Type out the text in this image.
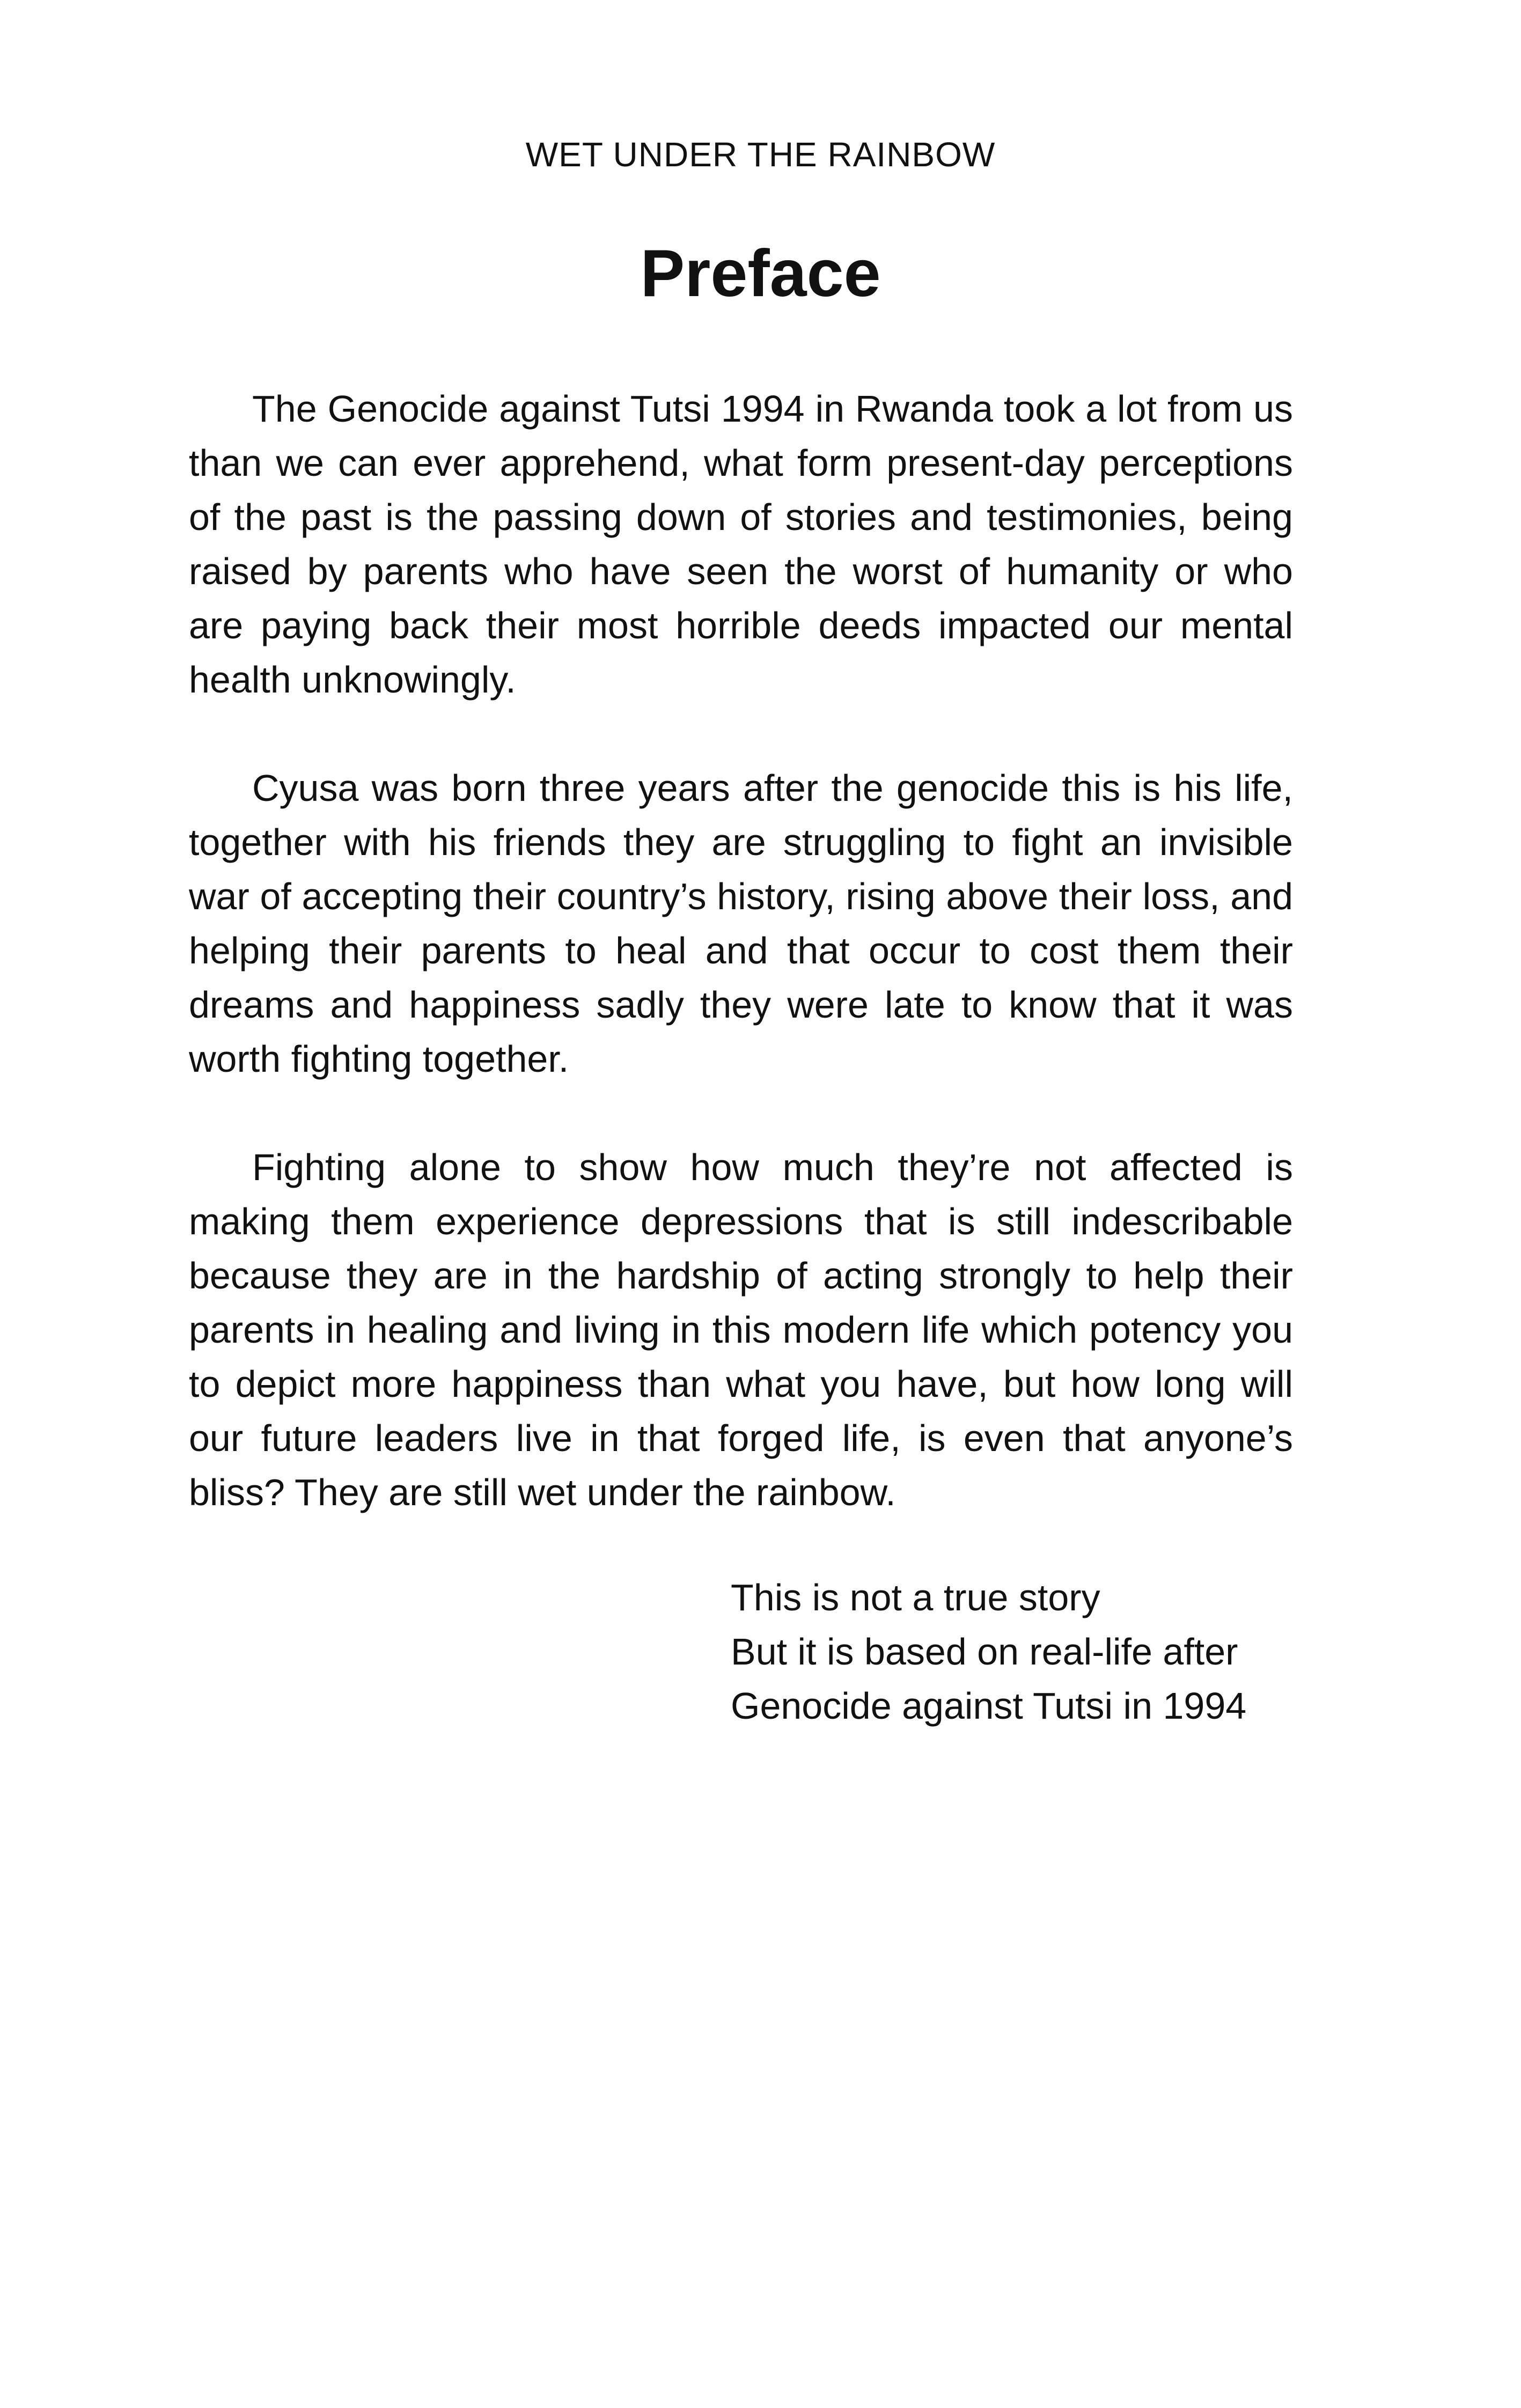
WET UNDER THE RAINBOW
Preface

The Genocide against Tutsi 1994 in Rwanda took a lot from us than we can ever apprehend, what form present-day perceptions of the past is the passing down of stories and testimonies, being raised by parents who have seen the worst of humanity or who are paying back their most horrible deeds impacted our mental health unknowingly.

Cyusa was born three years after the genocide this is his life, together with his friends they are struggling to fight an invisible war of accepting their country’s history, rising above their loss, and helping their parents to heal and that occur to cost them their dreams and happiness sadly they were late to know that it was worth fighting together.

Fighting alone to show how much they’re not affected is making them experience depressions that is still indescribable because they are in the hardship of acting strongly to help their parents in healing and living in this modern life which potency you to depict more happiness than what you have, but how long will our future leaders live in that forged life, is even that anyone’s bliss? They are still wet under the rainbow.

This is not a true story
But it is based on real-life after
Genocide against Tutsi in 1994
